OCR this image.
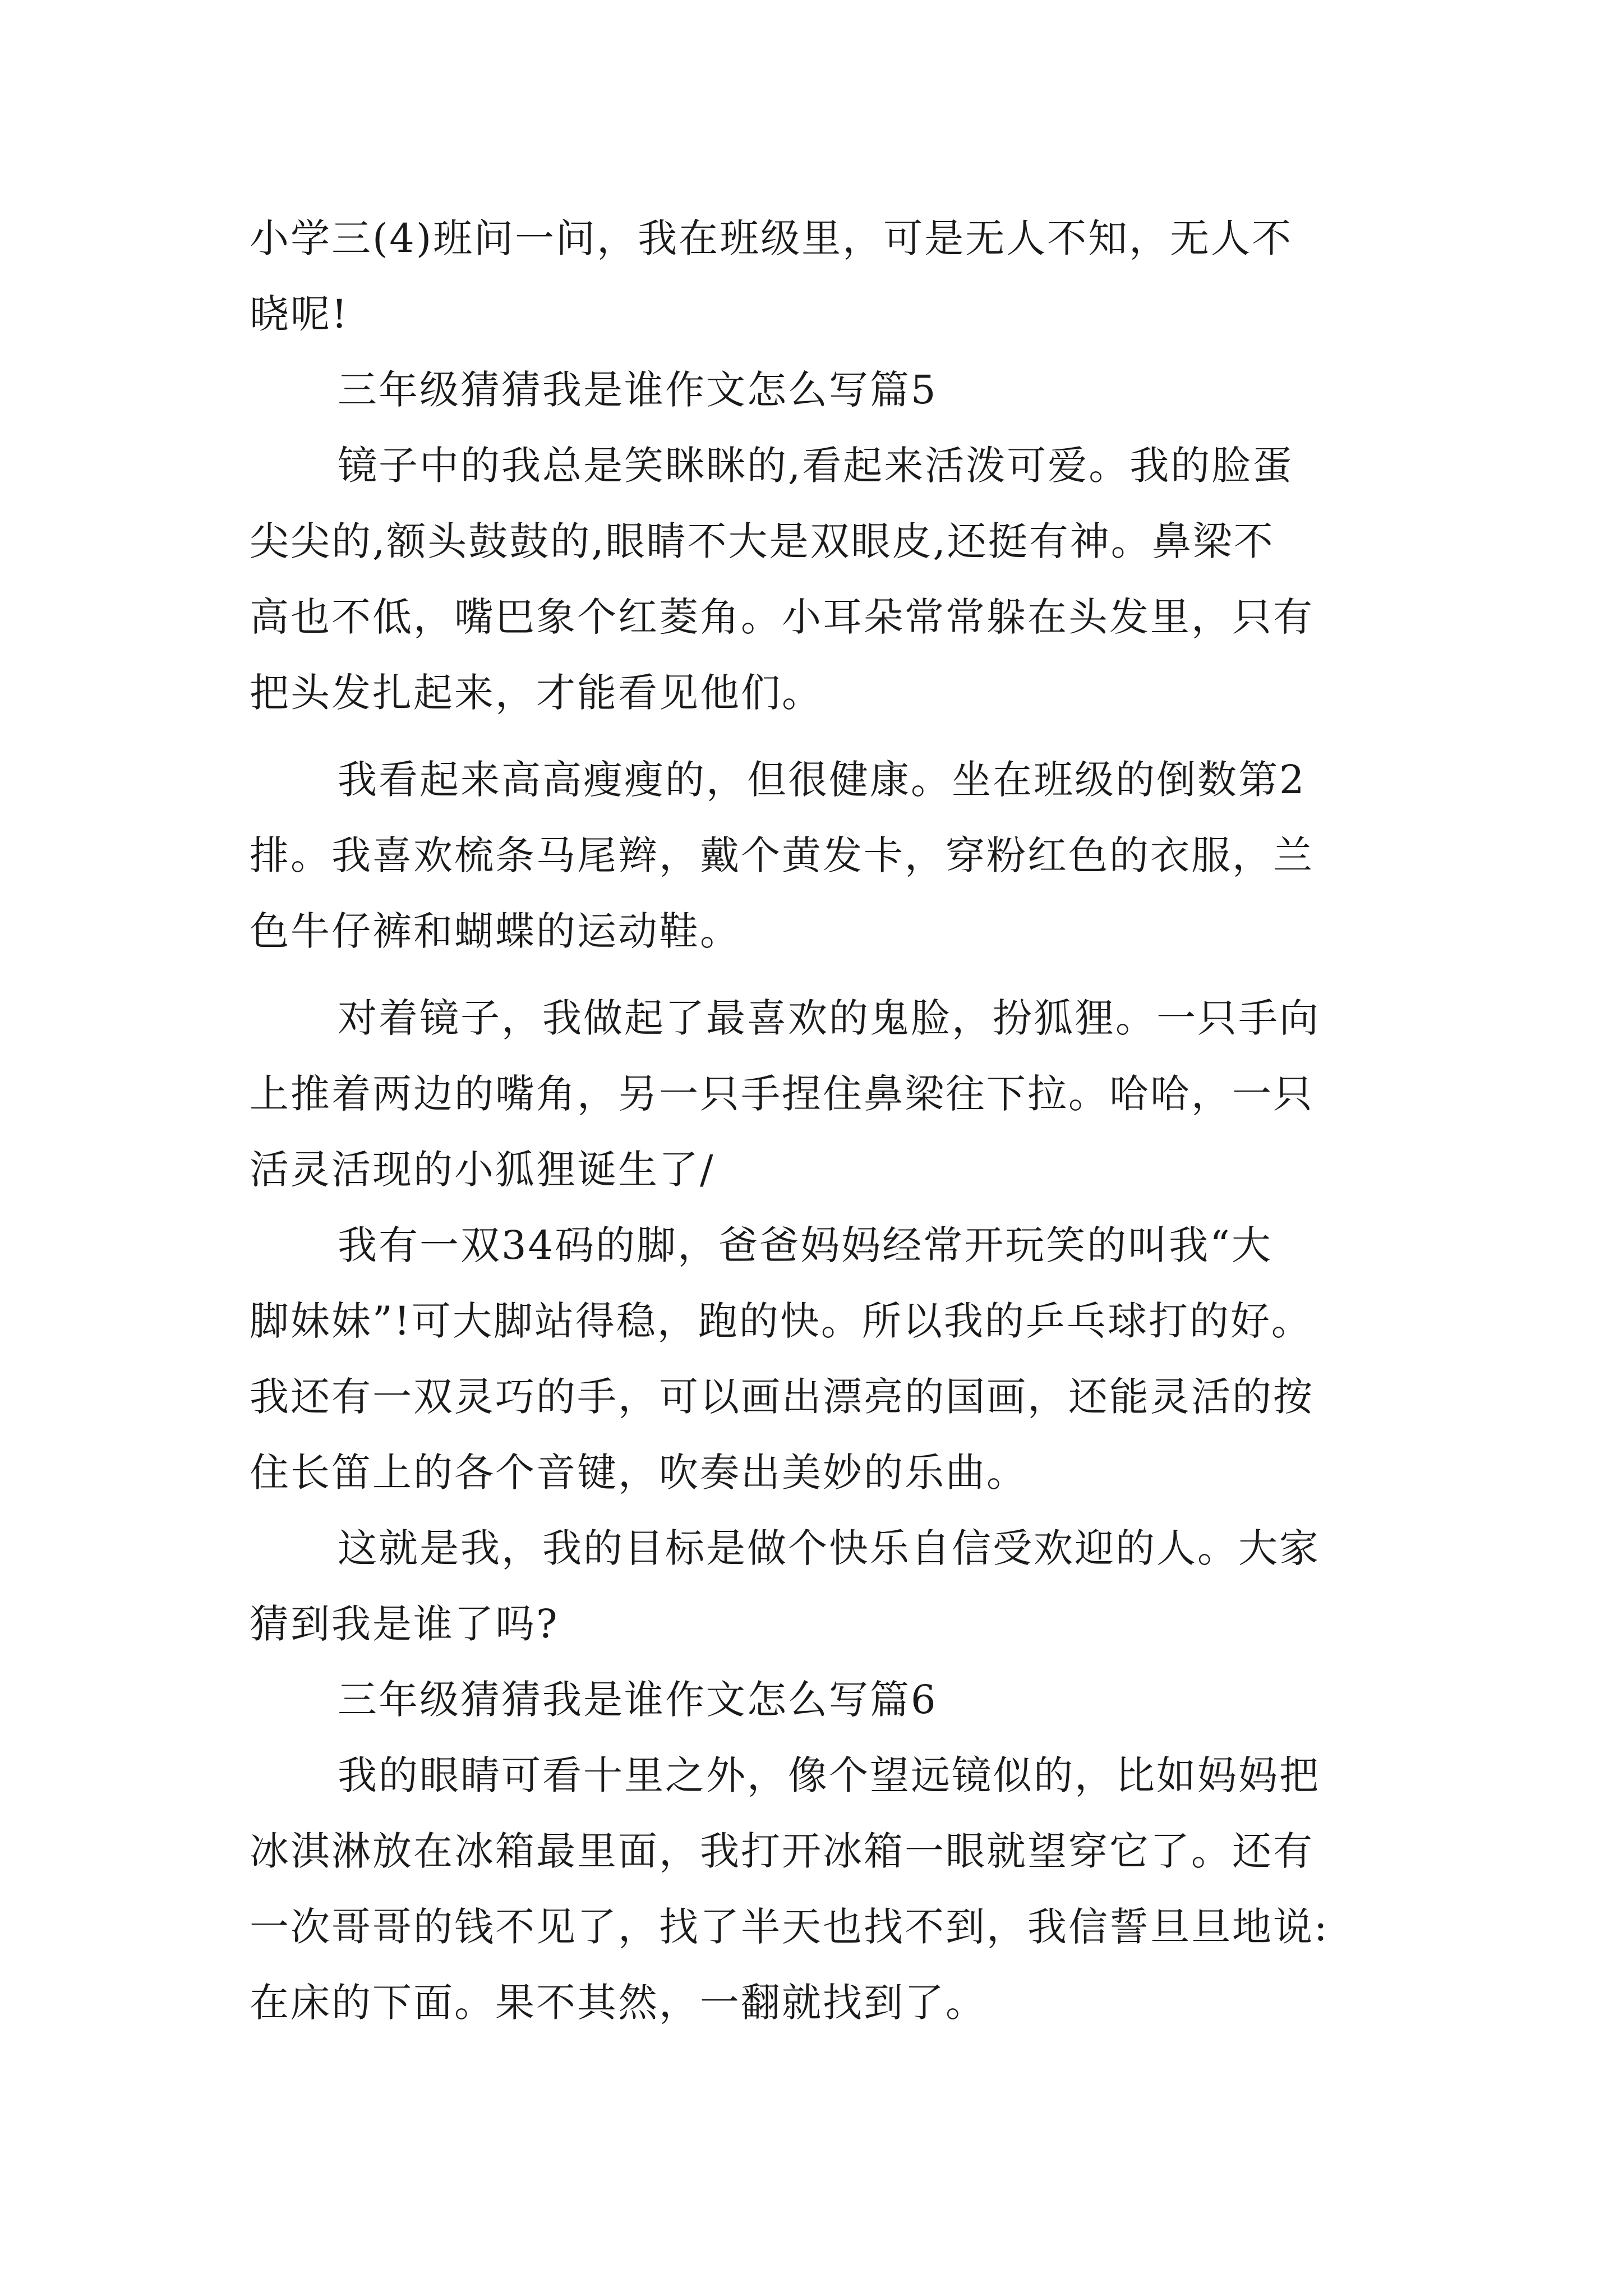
小学三(4)班问一问，我在班级里，可是无人不知，无人不
晓呢!
三年级猜猜我是谁作文怎么写篇5
镜子中的我总是笑眯眯的,看起来活泼可爱。我的脸蛋
尖尖的,额头鼓鼓的,眼睛不大是双眼皮,还挺有神。鼻梁不
高也不低，嘴巴象个红菱角。小耳朵常常躲在头发里，只有
把头发扎起来，才能看见他们。
我看起来高高瘦瘦的，但很健康。坐在班级的倒数第2
排。我喜欢梳条马尾辫，戴个黄发卡，穿粉红色的衣服，兰
色牛仔裤和蝴蝶的运动鞋。
对着镜子，我做起了最喜欢的鬼脸，扮狐狸。一只手向
上推着两边的嘴角，另一只手捏住鼻梁往下拉。哈哈，一只
活灵活现的小狐狸诞生了/
我有一双34码的脚，爸爸妈妈经常开玩笑的叫我“大
脚妹妹”!可大脚站得稳，跑的快。所以我的乒乓球打的好。
我还有一双灵巧的手，可以画出漂亮的国画，还能灵活的按
住长笛上的各个音键，吹奏出美妙的乐曲。
这就是我，我的目标是做个快乐自信受欢迎的人。大家
猜到我是谁了吗?
三年级猜猜我是谁作文怎么写篇6
我的眼睛可看十里之外，像个望远镜似的，比如妈妈把
冰淇淋放在冰箱最里面，我打开冰箱一眼就望穿它了。还有
一次哥哥的钱不见了，找了半天也找不到，我信誓旦旦地说:
在床的下面。果不其然，一翻就找到了。
